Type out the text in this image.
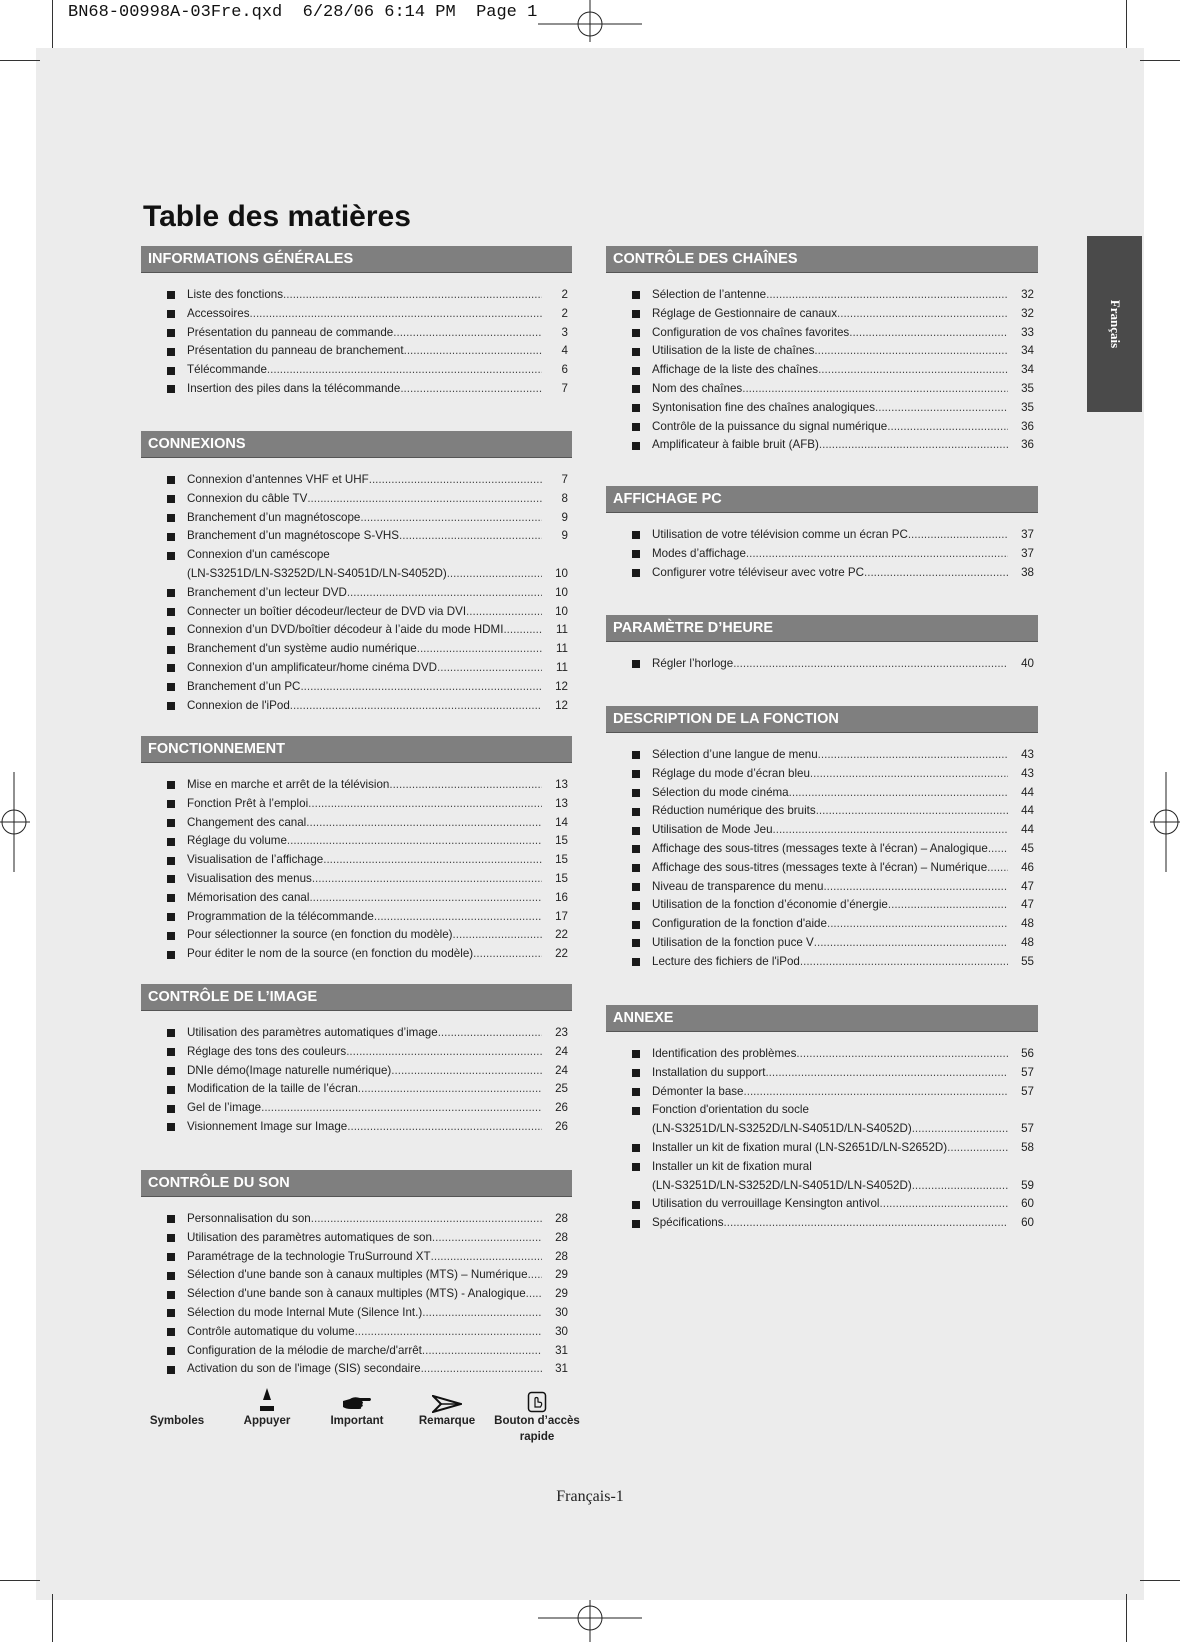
BN68-00998A-03Fre.qxd  6/28/06 6:14 PM  Page 1
Table des matières
Français
INFORMATIONS GÉNÉRALES
Liste des fonctions .....	2
Accessoires .....	2
Présentation du panneau de commande .....	3
Présentation du panneau de branchement .....	4
Télécommande .....	6
Insertion des piles dans la télécommande .....	7
CONNEXIONS
Connexion d’antennes VHF et UHF .....	7
Connexion du câble TV .....	8
Branchement d’un magnétoscope .....	9
Branchement d’un magnétoscope S-VHS .....	9
Connexion d'un caméscope
(LN-S3251D/LN-S3252D/LN-S4051D/LN-S4052D) .....	10
Branchement d’un lecteur DVD .....	10
Connecter un boîtier décodeur/lecteur de DVD via DVI .....	10
Connexion d’un DVD/boîtier décodeur à l’aide du mode HDMI .....	11
Branchement d'un système audio numérique .....	11
Connexion d’un amplificateur/home cinéma DVD .....	11
Branchement d’un PC .....	12
Connexion de l'iPod .....	12
FONCTIONNEMENT
Mise en marche et arrêt de la télévision .....	13
Fonction Prêt à l’emploi .....	13
Changement des canal .....	14
Réglage du volume .....	15
Visualisation de l’affichage .....	15
Visualisation des menus .....	15
Mémorisation des canal .....	16
Programmation de la télécommande .....	17
Pour sélectionner la source (en fonction du modèle) .....	22
Pour éditer le nom de la source (en fonction du modèle) .....	22
CONTRÔLE DE L’IMAGE
Utilisation des paramètres automatiques d’image .....	23
Réglage des tons des couleurs .....	24
DNIe démo(Image naturelle numérique) .....	24
Modification de la taille de l’écran .....	25
Gel de l’image .....	26
Visionnement Image sur Image .....	26
CONTRÔLE DU SON
Personnalisation du son .....	28
Utilisation des paramètres automatiques de son .....	28
Paramétrage de la technologie TruSurround XT .....	28
Sélection d'une bande son à canaux multiples (MTS) – Numérique .....	29
Sélection d'une bande son à canaux multiples (MTS) - Analogique .....	29
Sélection du mode Internal Mute (Silence Int.) .....	30
Contrôle automatique du volume .....	30
Configuration de la mélodie de marche/d'arrêt .....	31
Activation du son de l'image (SIS) secondaire .....	31
CONTRÔLE DES CHAÎNES
Sélection de l’antenne .....	32
Réglage de Gestionnaire de canaux .....	32
Configuration de vos chaînes favorites .....	33
Utilisation de la liste de chaînes .....	34
Affichage de la liste des chaînes .....	34
Nom des chaînes .....	35
Syntonisation fine des chaînes analogiques .....	35
Contrôle de la puissance du signal numérique .....	36
Amplificateur à faible bruit (AFB) .....	36
AFFICHAGE PC
Utilisation de votre télévision comme un écran PC .....	37
Modes d’affichage .....	37
Configurer votre téléviseur avec votre PC .....	38
PARAMÈTRE D’HEURE
Régler l’horloge .....	40
DESCRIPTION DE LA FONCTION
Sélection d’une langue de menu .....	43
Réglage du mode d’écran bleu .....	43
Sélection du mode cinéma .....	44
Réduction numérique des bruits .....	44
Utilisation de Mode Jeu .....	44
Affichage des sous-titres (messages texte à l'écran) – Analogique .....	45
Affichage des sous-titres (messages texte à l'écran) – Numérique .....	46
Niveau de transparence du menu .....	47
Utilisation de la fonction d’économie d’énergie .....	47
Configuration de la fonction d'aide .....	48
Utilisation de la fonction puce V .....	48
Lecture des fichiers de l'iPod .....	55
ANNEXE
Identification des problèmes .....	56
Installation du support .....	57
Démonter la base .....	57
Fonction d'orientation du socle
(LN-S3251D/LN-S3252D/LN-S4051D/LN-S4052D) .....	57
Installer un kit de fixation mural (LN-S2651D/LN-S2652D) .....	58
Installer un kit de fixation mural
(LN-S3251D/LN-S3252D/LN-S4051D/LN-S4052D) .....	59
Utilisation du verrouillage Kensington antivol .....	60
Spécifications .....	60
Symboles	Appuyer	Important	Remarque	Bouton d’accès rapide
Français-1
